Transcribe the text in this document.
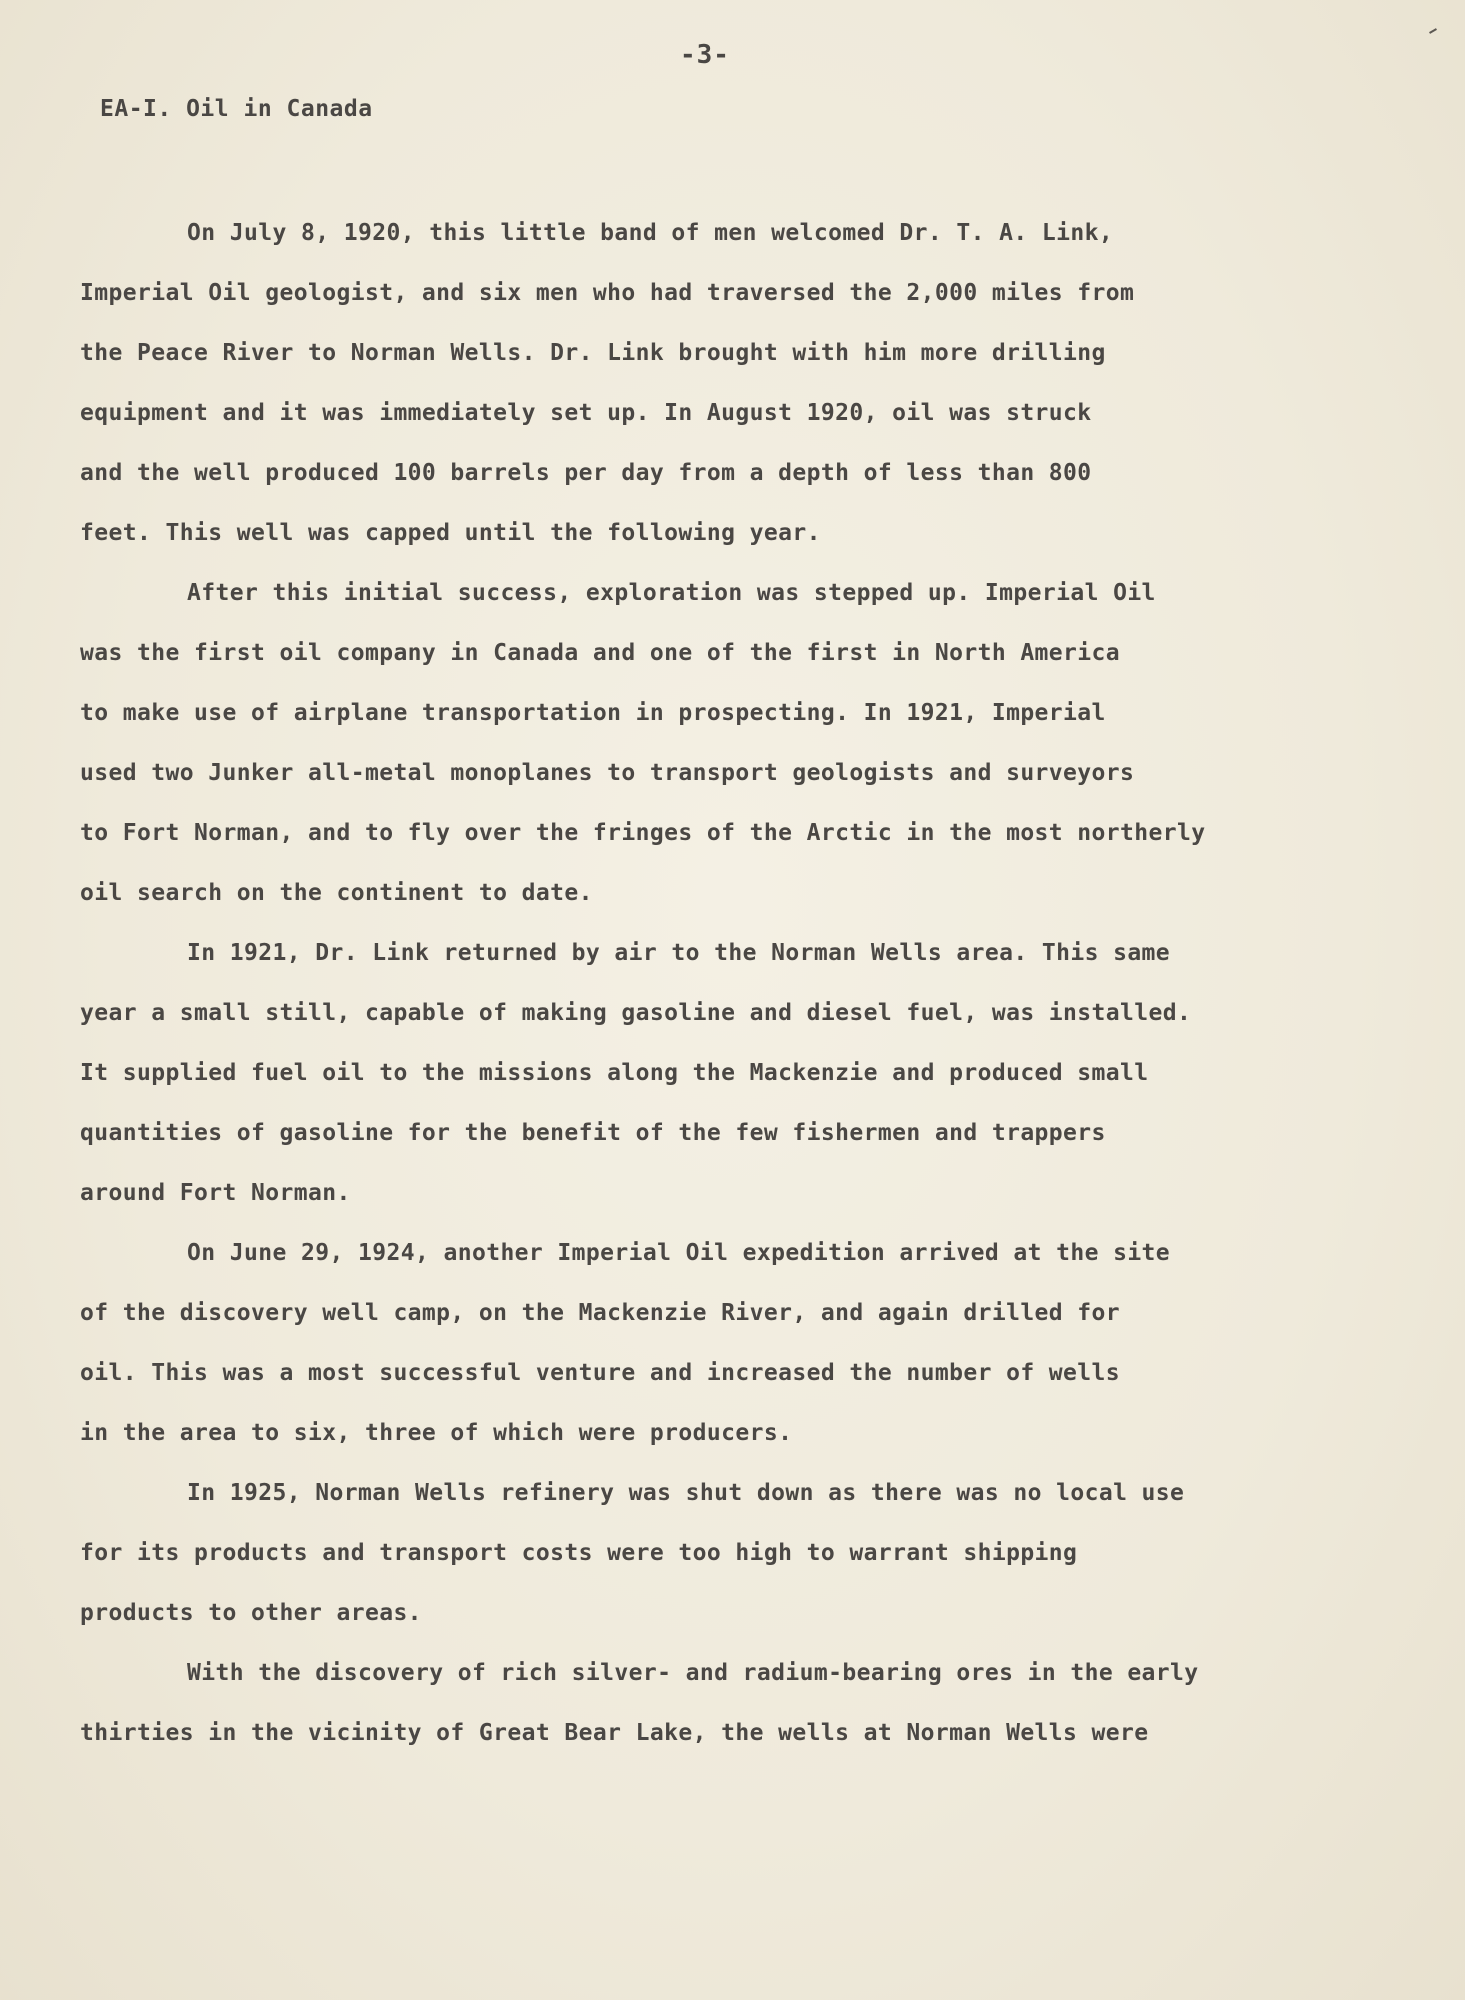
-3-
EA-I. Oil in Canada
On July 8, 1920, this little band of men welcomed Dr. T. A. Link,
Imperial Oil geologist, and six men who had traversed the 2,000 miles from
the Peace River to Norman Wells. Dr. Link brought with him more drilling
equipment and it was immediately set up. In August 1920, oil was struck
and the well produced 100 barrels per day from a depth of less than 800
feet. This well was capped until the following year.
After this initial success, exploration was stepped up. Imperial Oil
was the first oil company in Canada and one of the first in North America
to make use of airplane transportation in prospecting. In 1921, Imperial
used two Junker all-metal monoplanes to transport geologists and surveyors
to Fort Norman, and to fly over the fringes of the Arctic in the most northerly
oil search on the continent to date.
In 1921, Dr. Link returned by air to the Norman Wells area. This same
year a small still, capable of making gasoline and diesel fuel, was installed.
It supplied fuel oil to the missions along the Mackenzie and produced small
quantities of gasoline for the benefit of the few fishermen and trappers
around Fort Norman.
On June 29, 1924, another Imperial Oil expedition arrived at the site
of the discovery well camp, on the Mackenzie River, and again drilled for
oil. This was a most successful venture and increased the number of wells
in the area to six, three of which were producers.
In 1925, Norman Wells refinery was shut down as there was no local use
for its products and transport costs were too high to warrant shipping
products to other areas.
With the discovery of rich silver- and radium-bearing ores in the early
thirties in the vicinity of Great Bear Lake, the wells at Norman Wells were
